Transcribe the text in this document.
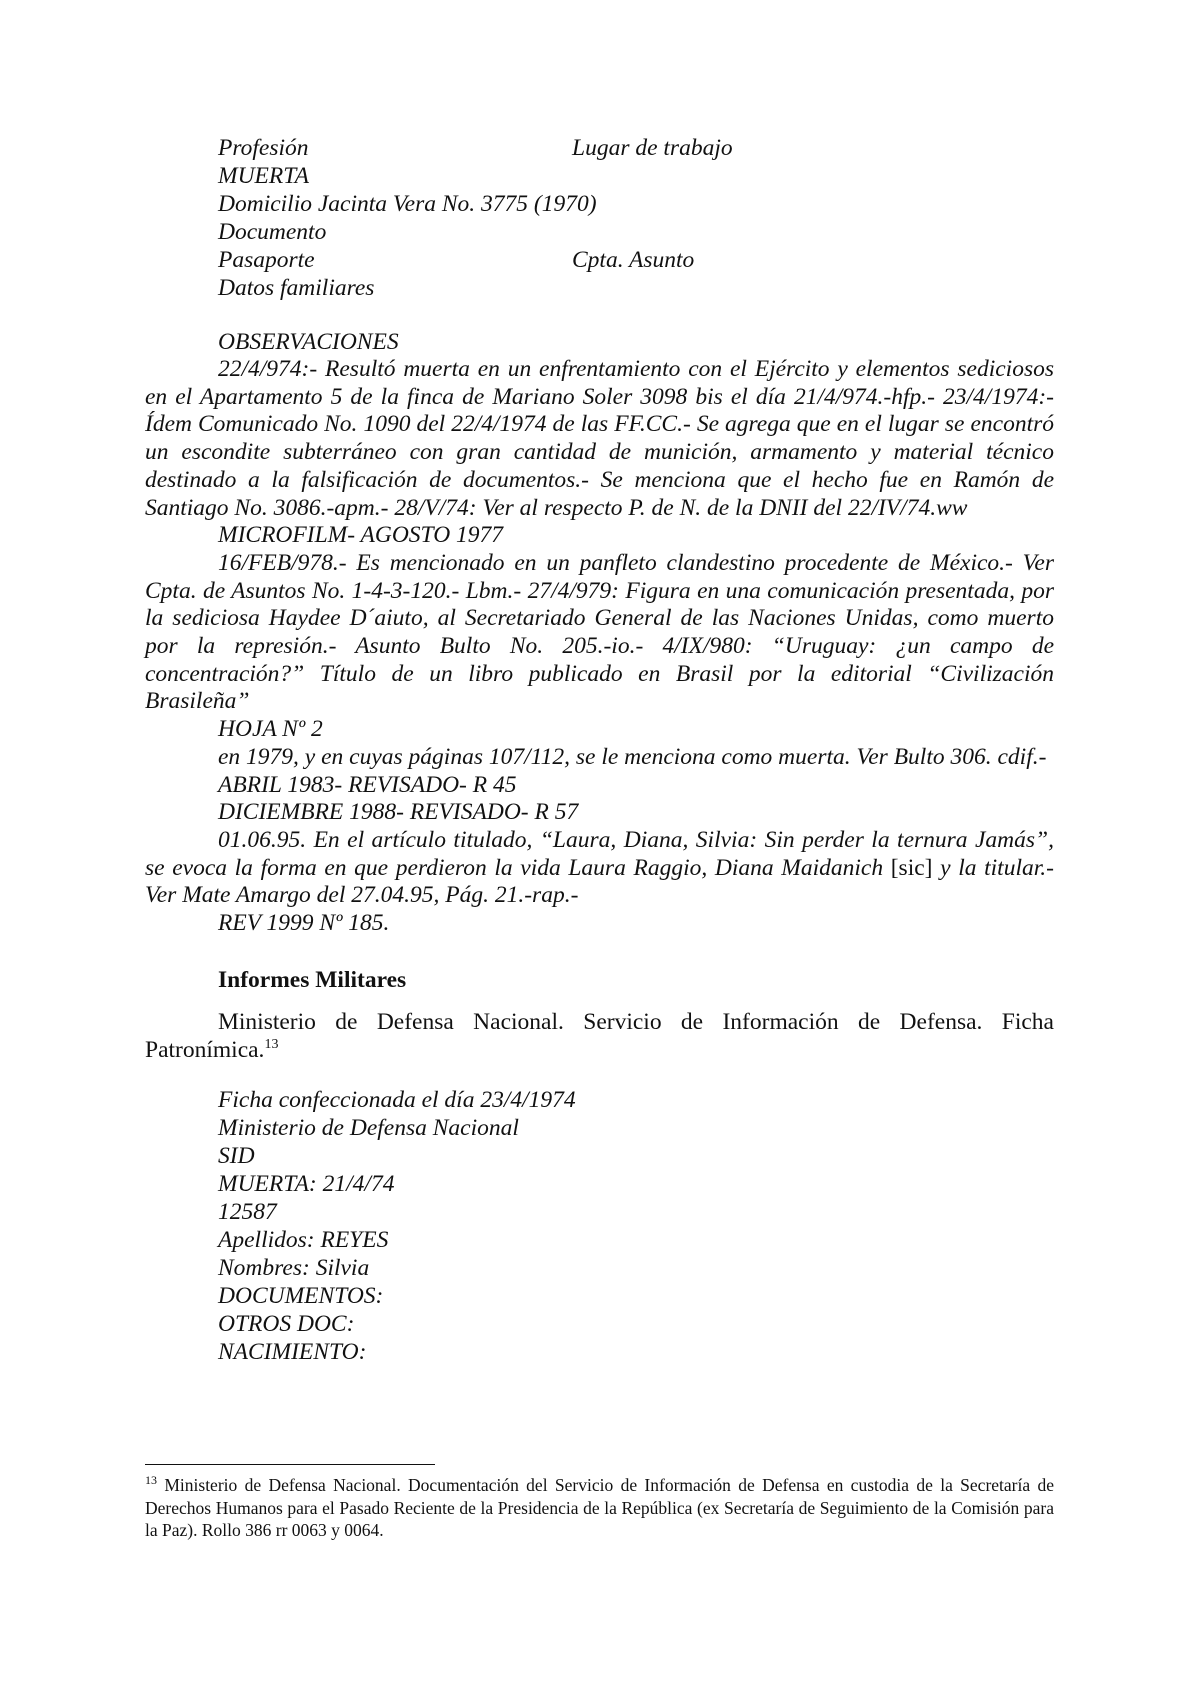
Profesión	Lugar de trabajo
MUERTA
Domicilio Jacinta Vera No. 3775 (1970)
Documento
Pasaporte	Cpta. Asunto
Datos familiares
OBSERVACIONES

22/4/974:- Resultó muerta en un enfrentamiento con el Ejército y elementos sediciosos en el Apartamento 5 de la finca de Mariano Soler 3098 bis el día 21/4/974.-hfp.- 23/4/1974:- Ídem Comunicado No. 1090 del 22/4/1974 de las FF.CC.- Se agrega que en el lugar se encontró un escondite subterráneo con gran cantidad de munición, armamento y material técnico destinado a la falsificación de documentos.- Se menciona que el hecho fue en Ramón de Santiago No. 3086.-apm.- 28/V/74: Ver al respecto P. de N. de la DNII del 22/IV/74.ww

MICROFILM- AGOSTO 1977

16/FEB/978.- Es mencionado en un panfleto clandestino procedente de México.- Ver Cpta. de Asuntos No. 1-4-3-120.- Lbm.- 27/4/979: Figura en una comunicación presentada, por la sediciosa Haydee D´aiuto, al Secretariado General de las Naciones Unidas, como muerto por la represión.- Asunto Bulto No. 205.-io.- 4/IX/980: “Uruguay: ¿un campo de concentración?” Título de un libro publicado en Brasil por la editorial “Civilización Brasileña”

HOJA Nº 2

en 1979, y en cuyas páginas 107/112, se le menciona como muerta. Ver Bulto 306. cdif.-

ABRIL 1983- REVISADO- R 45

DICIEMBRE 1988- REVISADO- R 57

01.06.95. En el artículo titulado, “Laura, Diana, Silvia: Sin perder la ternura Jamás”, se evoca la forma en que perdieron la vida Laura Raggio, Diana Maidanich [sic] y la titular.- Ver Mate Amargo del 27.04.95, Pág. 21.-rap.-

REV 1999 Nº 185.

Informes Militares

Ministerio de Defensa Nacional. Servicio de Información de Defensa. Ficha Patronímica.$^{13}$

Ficha confeccionada el día 23/4/1974
Ministerio de Defensa Nacional
SID
MUERTA: 21/4/74
12587
Apellidos: REYES
Nombres: Silvia
DOCUMENTOS:
OTROS DOC:
NACIMIENTO:

$^{13}$ Ministerio de Defensa Nacional. Documentación del Servicio de Información de Defensa en custodia de la Secretaría de Derechos Humanos para el Pasado Reciente de la Presidencia de la República (ex Secretaría de Seguimiento de la Comisión para la Paz). Rollo 386 rr 0063 y 0064.
